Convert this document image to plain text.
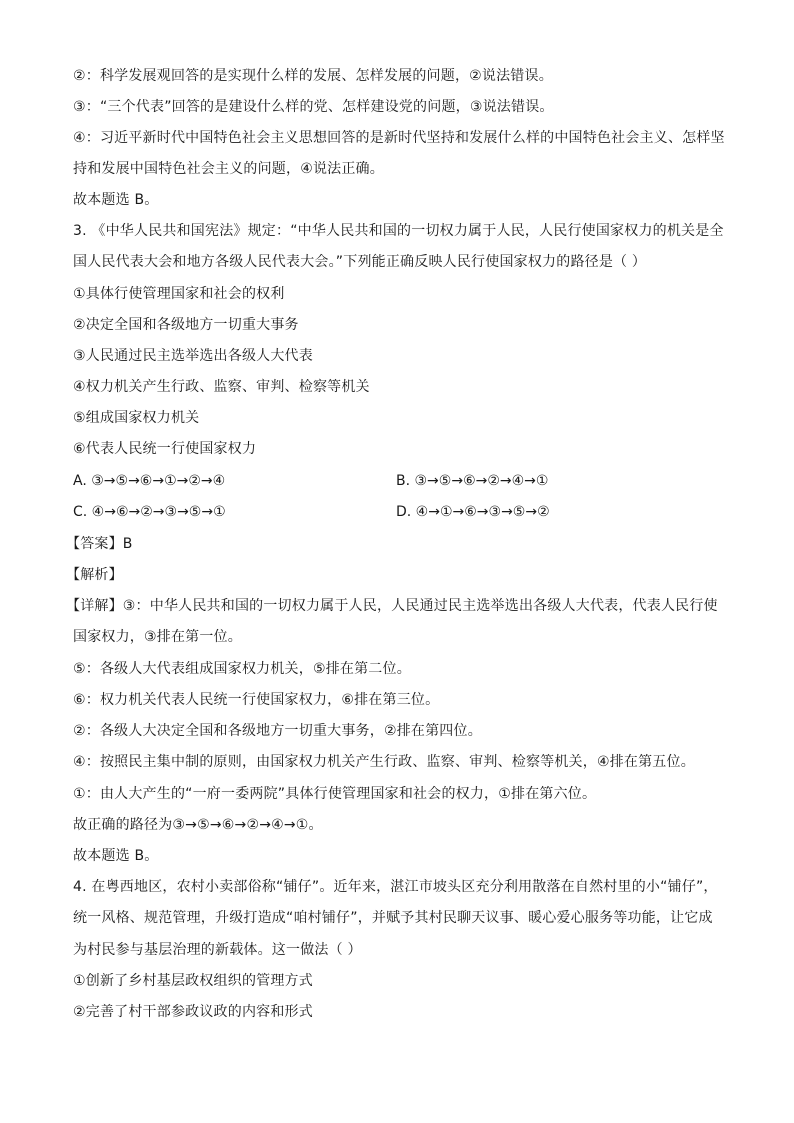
②：科学发展观回答的是实现什么样的发展、怎样发展的问题，②说法错误。
③：“三个代表”回答的是建设什么样的党、怎样建设党的问题，③说法错误。
④：习近平新时代中国特色社会主义思想回答的是新时代坚持和发展什么样的中国特色社会主义、怎样坚
持和发展中国特色社会主义的问题，④说法正确。
故本题选 B。
3. 《中华人民共和国宪法》规定：“中华人民共和国的一切权力属于人民，人民行使国家权力的机关是全
国人民代表大会和地方各级人民代表大会。”下列能正确反映人民行使国家权力的路径是（ ）
①具体行使管理国家和社会的权利
②决定全国和各级地方一切重大事务
③人民通过民主选举选出各级人大代表
④权力机关产生行政、监察、审判、检察等机关
⑤组成国家权力机关
⑥代表人民统一行使国家权力
A. ③→⑤→⑥→①→②→④	B. ③→⑤→⑥→②→④→①
C. ④→⑥→②→③→⑤→①	D. ④→①→⑥→③→⑤→②
【答案】B
【解析】
【详解】③：中华人民共和国的一切权力属于人民，人民通过民主选举选出各级人大代表，代表人民行使
国家权力，③排在第一位。
⑤：各级人大代表组成国家权力机关，⑤排在第二位。
⑥：权力机关代表人民统一行使国家权力，⑥排在第三位。
②：各级人大决定全国和各级地方一切重大事务，②排在第四位。
④：按照民主集中制的原则，由国家权力机关产生行政、监察、审判、检察等机关，④排在第五位。
①：由人大产生的“一府一委两院”具体行使管理国家和社会的权力，①排在第六位。
故正确的路径为③→⑤→⑥→②→④→①。
故本题选 B。
4. 在粤西地区，农村小卖部俗称“铺仔”。近年来，湛江市坡头区充分利用散落在自然村里的小“铺仔”，
统一风格、规范管理，升级打造成“咱村铺仔”，并赋予其村民聊天议事、暖心爱心服务等功能，让它成
为村民参与基层治理的新载体。这一做法（ ）
①创新了乡村基层政权组织的管理方式
②完善了村干部参政议政的内容和形式
